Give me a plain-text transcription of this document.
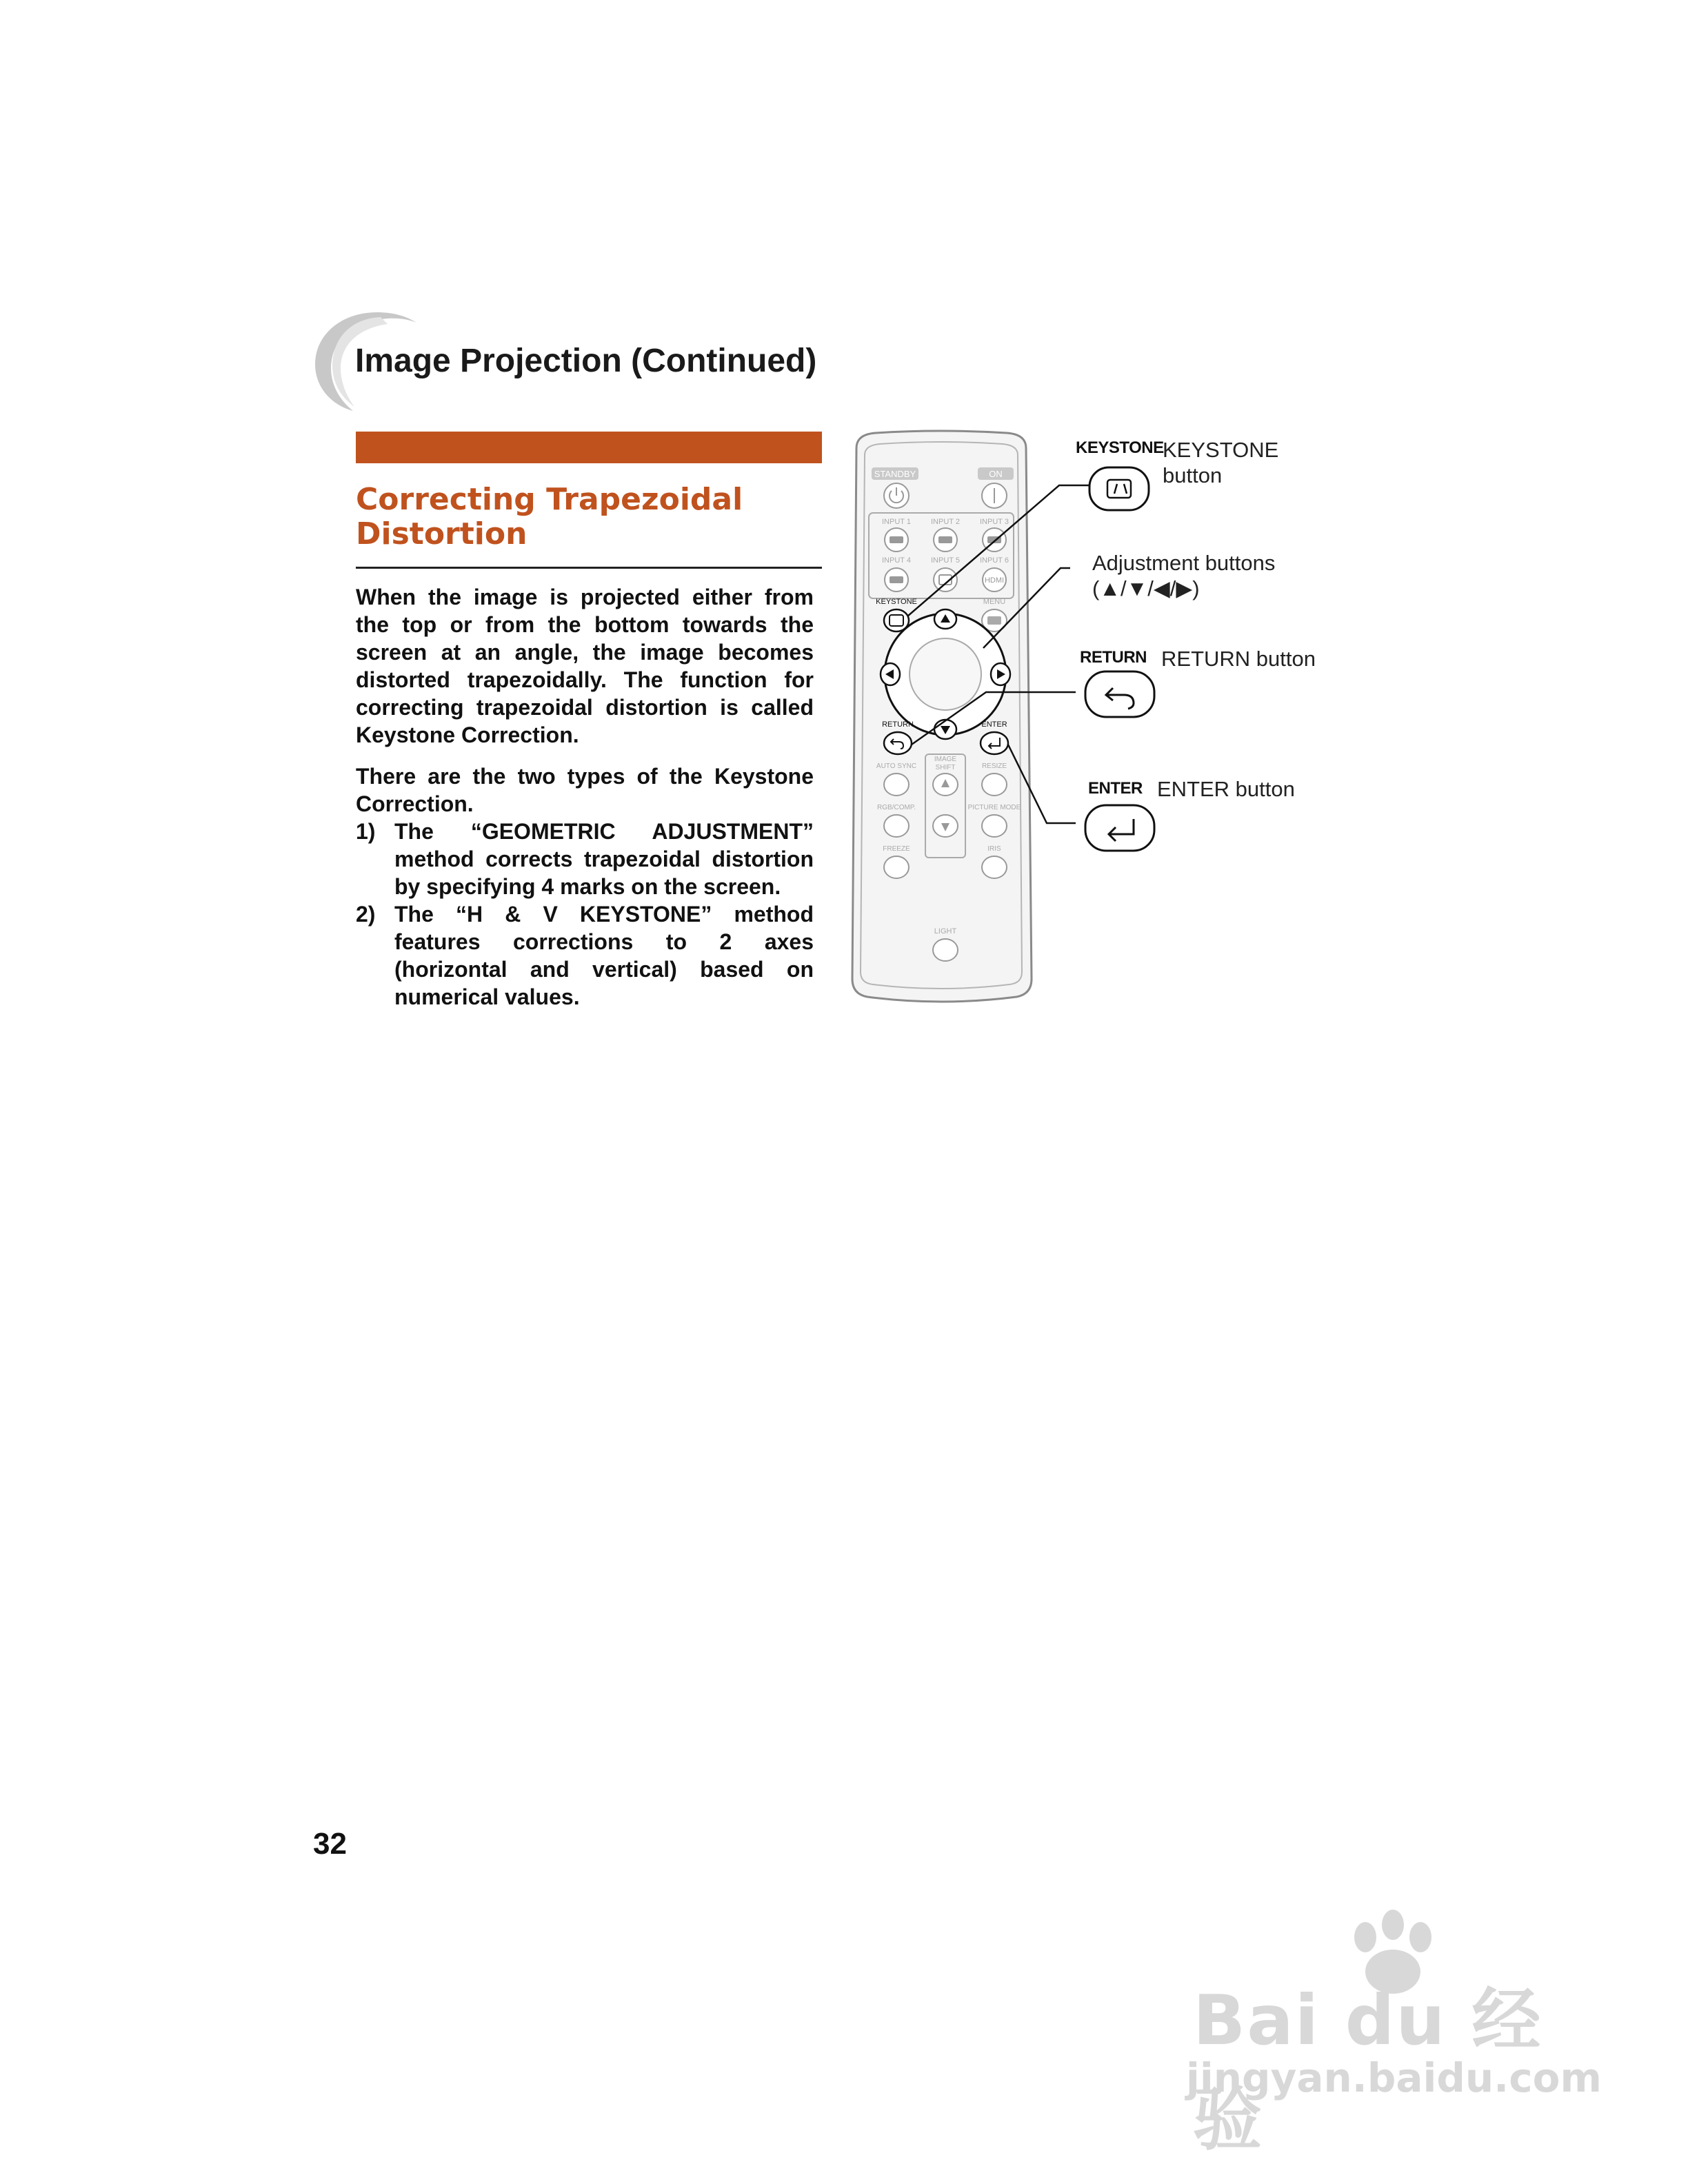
Image Projection (Continued)
Correcting Trapezoidal
Distortion

When the image is projected either from the top or from the bottom towards the screen at an angle, the image becomes distorted trapezoidally. The function for correcting trapezoidal distortion is called Keystone Correction.

There are the two types of the Keystone Correction.

1) The “GEOMETRIC ADJUSTMENT” method corrects trapezoidal distortion by specifying 4 marks on the screen.
2) The “H & V KEYSTONE” method features corrections to 2 axes (horizontal and vertical) based on numerical values.
STANDBY	ON
INPUT 1	INPUT 2	INPUT 3
INPUT 4	INPUT 5	INPUT 6
HDMI
KEYSTONE	MENU
RETURN	ENTER
AUTO SYNC
IMAGE
SHIFT	RESIZE
RGB/COMP.	PICTURE MODE
FREEZE	IRIS
LIGHT
KEYSTONE
KEYSTONE
button
Adjustment buttons
(▲/▼/◀/▶)
RETURN RETURN button
ENTER ENTER button
32
Bai du 经验
jingyan.baidu.com
